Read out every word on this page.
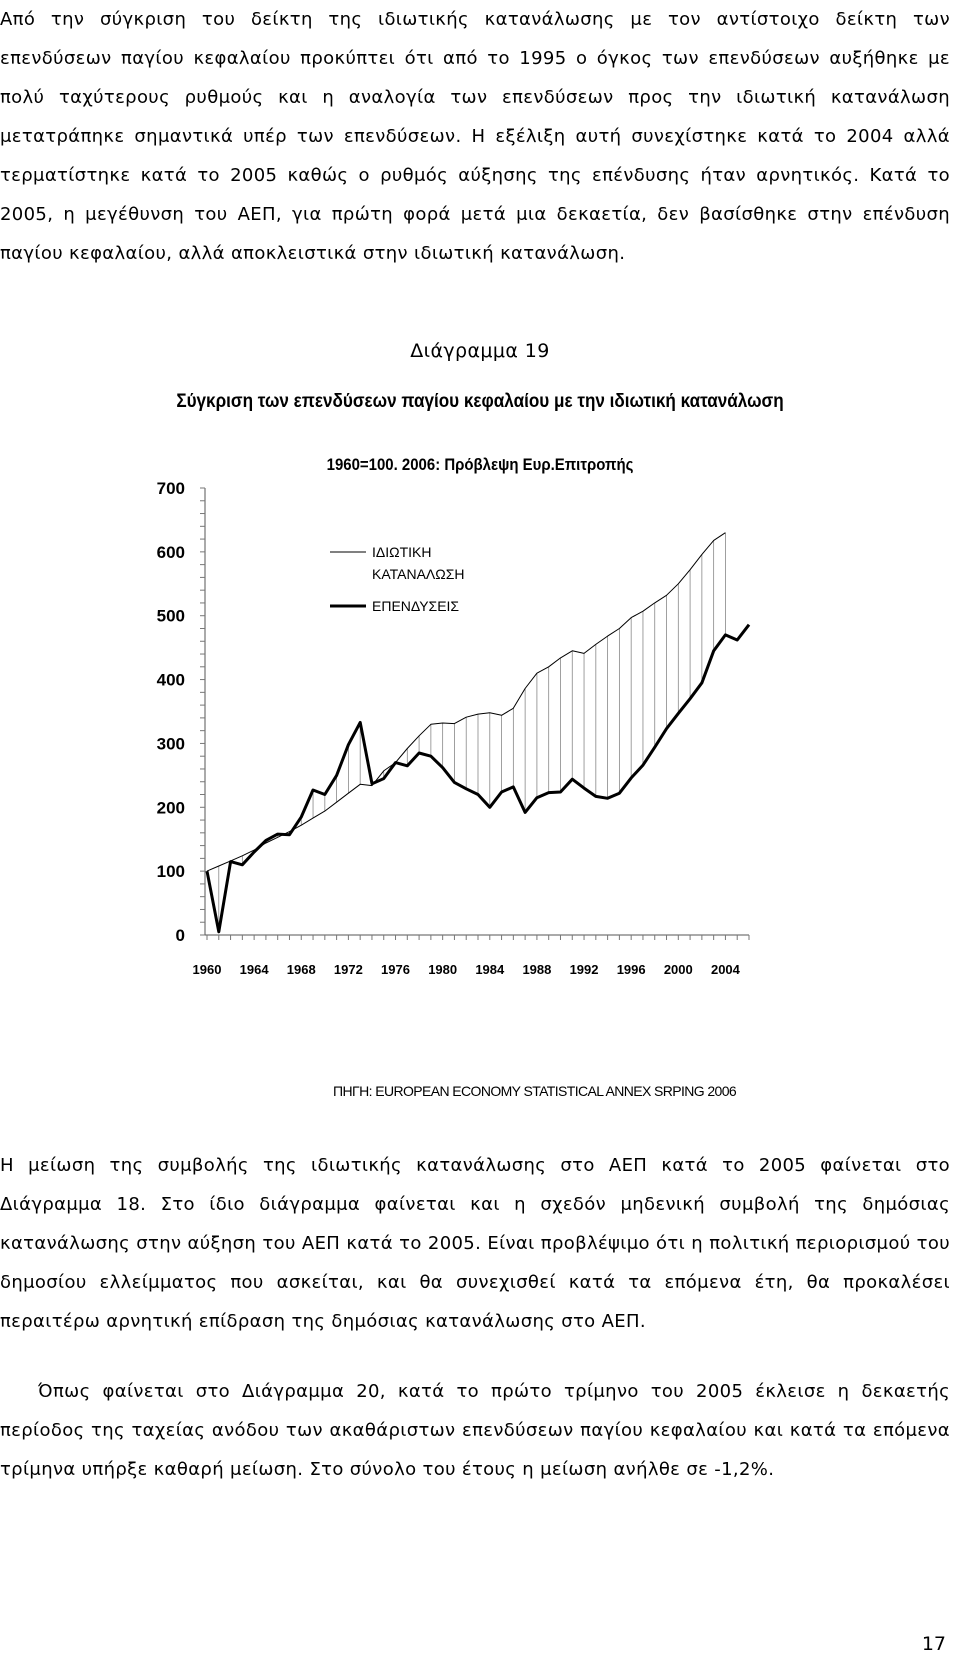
Από την σύγκριση του δείκτη της ιδιωτικής κατανάλωσης με τον αντίστοιχο δείκτη των επενδύσεων παγίου κεφαλαίου προκύπτει ότι από το 1995 ο όγκος των επενδύσεων αυξήθηκε με πολύ ταχύτερους ρυθμούς και η αναλογία των επενδύσεων προς την ιδιωτική κατανάλωση μετατράπηκε σημαντικά υπέρ των επενδύσεων. Η εξέλιξη αυτή συνεχίστηκε κατά το 2004 αλλά τερματίστηκε κατά το 2005 καθώς ο ρυθμός αύξησης της επένδυσης ήταν αρνητικός. Κατά το 2005, η μεγέθυνση του ΑΕΠ, για πρώτη φορά μετά μια δεκαετία, δεν βασίσθηκε στην επένδυση παγίου κεφαλαίου, αλλά αποκλειστικά στην ιδιωτική κατανάλωση.

Διάγραμμα 19
Σύγκριση των επενδύσεων παγίου κεφαλαίου με την ιδιωτική κατανάλωση
1960=100. 2006: Πρόβλεψη Ευρ.Επιτροπής
0
100
200
300
400
500
600
700
1960 1964 1968 1972 1976 1980 1984 1988 1992 1996 2000 2004
ΙΔΙΩΤΙΚΗ ΚΑΤΑΝΑΛΩΣΗ
ΕΠΕΝΔΥΣΕΙΣ
ΠΗΓΗ: EUROPEAN ECONOMY STATISTICAL ANNEX SRPING 2006

Η μείωση της συμβολής της ιδιωτικής κατανάλωσης στο ΑΕΠ κατά το 2005 φαίνεται στο Διάγραμμα 18. Στο ίδιο διάγραμμα φαίνεται και η σχεδόν μηδενική συμβολή της δημόσιας κατανάλωσης στην αύξηση του ΑΕΠ κατά το 2005. Είναι προβλέψιμο ότι η πολιτική περιορισμού του δημοσίου ελλείμματος που ασκείται, και θα συνεχισθεί κατά τα επόμενα έτη, θα προκαλέσει περαιτέρω αρνητική επίδραση της δημόσιας κατανάλωσης στο ΑΕΠ.

Όπως φαίνεται στο Διάγραμμα 20, κατά το πρώτο τρίμηνο του 2005 έκλεισε η δεκαετής περίοδος της ταχείας ανόδου των ακαθάριστων επενδύσεων παγίου κεφαλαίου και κατά τα επόμενα τρίμηνα υπήρξε καθαρή μείωση. Στο σύνολο του έτους η μείωση ανήλθε σε -1,2%.

17
